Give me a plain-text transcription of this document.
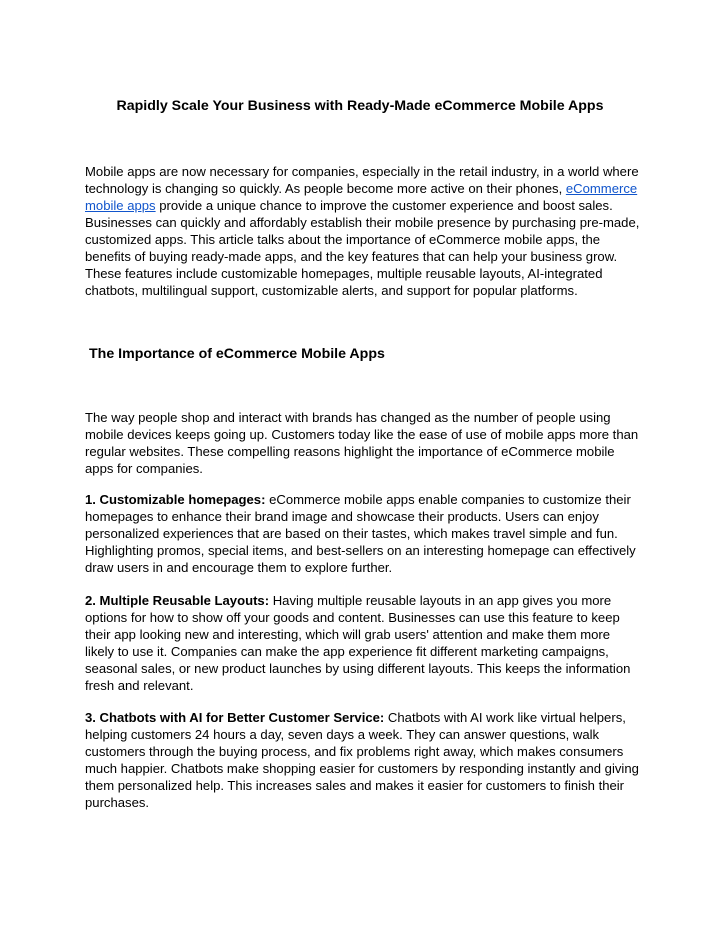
Rapidly Scale Your Business with Ready-Made eCommerce Mobile Apps

Mobile apps are now necessary for companies, especially in the retail industry, in a world where technology is changing so quickly. As people become more active on their phones, eCommerce mobile apps provide a unique chance to improve the customer experience and boost sales. Businesses can quickly and affordably establish their mobile presence by purchasing pre-made, customized apps. This article talks about the importance of eCommerce mobile apps, the benefits of buying ready-made apps, and the key features that can help your business grow. These features include customizable homepages, multiple reusable layouts, AI-integrated chatbots, multilingual support, customizable alerts, and support for popular platforms.

The Importance of eCommerce Mobile Apps

The way people shop and interact with brands has changed as the number of people using mobile devices keeps going up. Customers today like the ease of use of mobile apps more than regular websites. These compelling reasons highlight the importance of eCommerce mobile apps for companies.

1. Customizable homepages: eCommerce mobile apps enable companies to customize their homepages to enhance their brand image and showcase their products. Users can enjoy personalized experiences that are based on their tastes, which makes travel simple and fun. Highlighting promos, special items, and best-sellers on an interesting homepage can effectively draw users in and encourage them to explore further.

2. Multiple Reusable Layouts: Having multiple reusable layouts in an app gives you more options for how to show off your goods and content. Businesses can use this feature to keep their app looking new and interesting, which will grab users' attention and make them more likely to use it. Companies can make the app experience fit different marketing campaigns, seasonal sales, or new product launches by using different layouts. This keeps the information fresh and relevant.

3. Chatbots with AI for Better Customer Service: Chatbots with AI work like virtual helpers, helping customers 24 hours a day, seven days a week. They can answer questions, walk customers through the buying process, and fix problems right away, which makes consumers much happier. Chatbots make shopping easier for customers by responding instantly and giving them personalized help. This increases sales and makes it easier for customers to finish their purchases.
